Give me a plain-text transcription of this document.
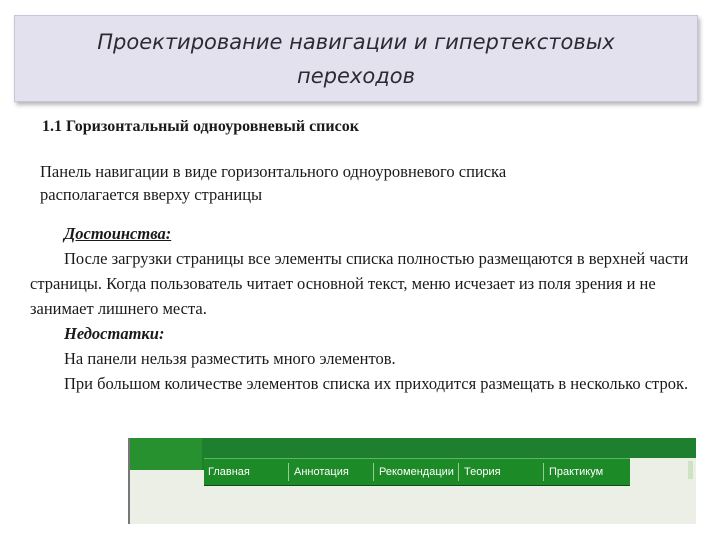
Проектирование навигации и гипертекстовых
переходов
1.1 Горизонтальный одноуровневый список
Панель навигации в виде горизонтального одноуровневого списка
располагается вверху страницы

Достоинства:

После загрузки страницы все элементы списка полностью размещаются в верхней части страницы. Когда пользователь читает основной текст, меню исчезает из поля зрения и не занимает лишнего места.

Недостатки:

На панели нельзя разместить много элементов.

При большом количестве элементов списка их приходится размещать в несколько строк.

Главная	Аннотация	Рекомендации Теория	Практикум
